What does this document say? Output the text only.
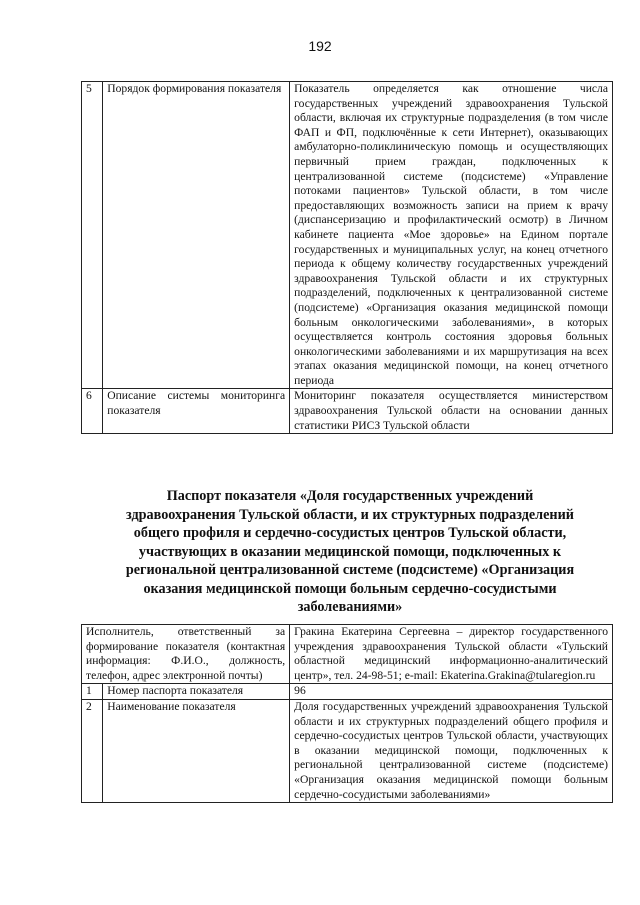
192
5	Порядок формирования показателя	Показатель определяется как отношение числа государственных учреждений здравоохранения Тульской области, включая их структурные подразделения (в том числе ФАП и ФП, подключённые к сети Интернет), оказывающих амбулаторно-поликлиническую помощь и осуществляющих первичный прием граждан, подключенных к централизованной системе (подсистеме) «Управление потоками пациентов» Тульской области, в том числе предоставляющих возможность записи на прием к врачу (диспансеризацию и профилактический осмотр) в Личном кабинете пациента «Мое здоровье» на Едином портале государственных и муниципальных услуг, на конец отчетного периода к общему количеству государственных учреждений здравоохранения Тульской области и их структурных подразделений, подключенных к централизованной системе (подсистеме) «Организация оказания медицинской помощи больным онкологическими заболеваниями», в которых осуществляется контроль состояния здоровья больных онкологическими заболеваниями и их маршрутизация на всех этапах оказания медицинской помощи, на конец отчетного периода
6	Описание системы мониторинга показателя	Мониторинг показателя осуществляется министерством здравоохранения Тульской области на основании данных статистики РИСЗ Тульской области
Паспорт показателя «Доля государственных учреждений
здравоохранения Тульской области, и их структурных подразделений
общего профиля и сердечно-сосудистых центров Тульской области,
участвующих в оказании медицинской помощи, подключенных к
региональной централизованной системе (подсистеме) «Организация
оказания медицинской помощи больным сердечно-сосудистыми
заболеваниями»
Исполнитель, ответственный за формирование показателя (контактная информация: Ф.И.О., должность, телефон, адрес электронной почты)		Гракина Екатерина Сергеевна – директор государственного учреждения здравоохранения Тульской области «Тульский областной медицинский информационно-аналитический центр», тел. 24-98-51; e-mail: Ekaterina.Grakina@tularegion.ru
1	Номер паспорта показателя	96
2	Наименование показателя	Доля государственных учреждений здравоохранения Тульской области и их структурных подразделений общего профиля и сердечно-сосудистых центров Тульской области, участвующих в оказании медицинской помощи, подключенных к региональной централизованной системе (подсистеме) «Организация оказания медицинской помощи больным сердечно-сосудистыми заболеваниями»
